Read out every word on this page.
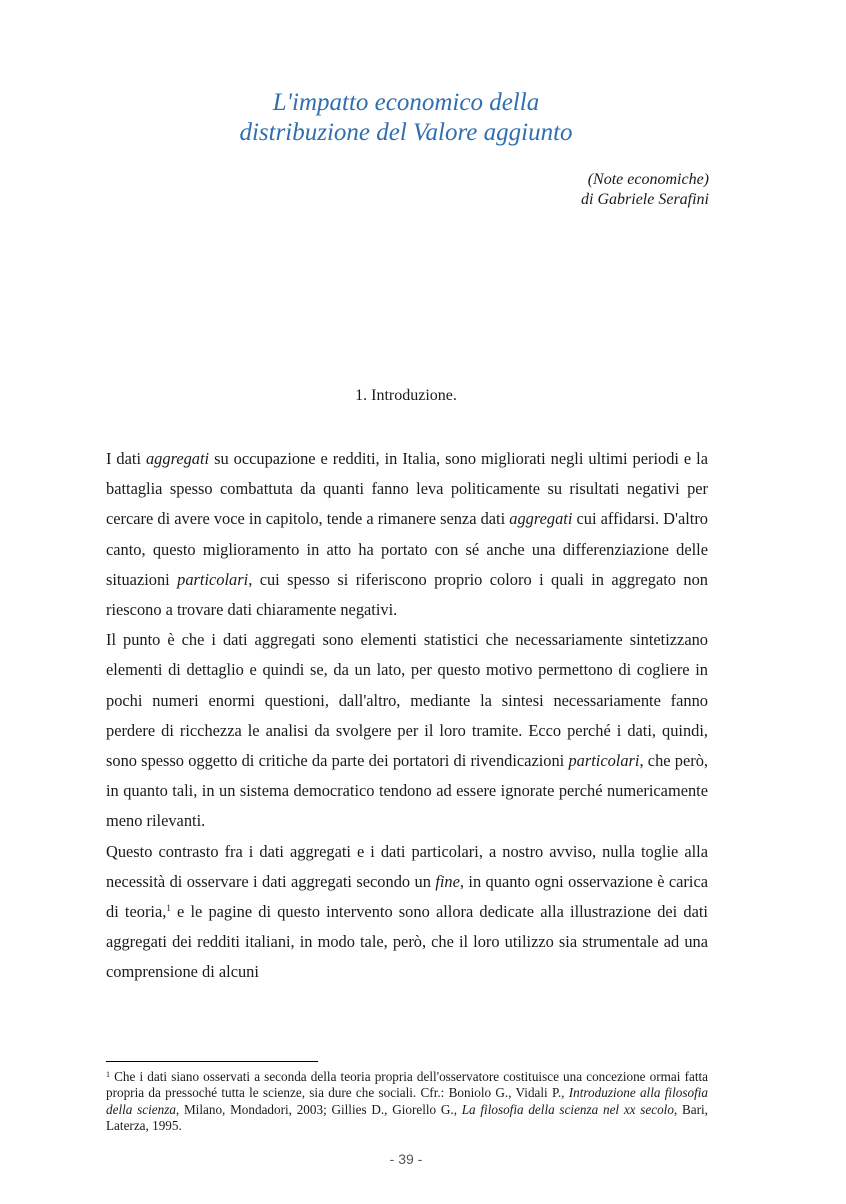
L'impatto economico della
distribuzione del Valore aggiunto
(Note economiche)
di Gabriele Serafini
1. Introduzione.

I dati aggregati su occupazione e redditi, in Italia, sono migliorati negli ultimi periodi e la battaglia spesso combattuta da quanti fanno leva politicamente su risultati negativi per cercare di avere voce in capitolo, tende a rimanere senza dati aggregati cui affidarsi. D'altro canto, questo miglioramento in atto ha portato con sé anche una differenziazione delle situazioni particolari, cui spesso si riferiscono proprio coloro i quali in aggregato non riescono a trovare dati chiaramente negativi.

Il punto è che i dati aggregati sono elementi statistici che necessariamente sintetizzano elementi di dettaglio e quindi se, da un lato, per questo motivo permettono di cogliere in pochi numeri enormi questioni, dall'altro, mediante la sintesi necessariamente fanno perdere di ricchezza le analisi da svolgere per il loro tramite. Ecco perché i dati, quindi, sono spesso oggetto di critiche da parte dei portatori di rivendicazioni particolari, che però, in quanto tali, in un sistema democratico tendono ad essere ignorate perché numericamente meno rilevanti.

Questo contrasto fra i dati aggregati e i dati particolari, a nostro avviso, nulla toglie alla necessità di osservare i dati aggregati secondo un fine, in quanto ogni osservazione è carica di teoria,$^1$ e le pagine di questo intervento sono allora dedicate alla illustrazione dei dati aggregati dei redditi italiani, in modo tale, però, che il loro utilizzo sia strumentale ad una comprensione di alcuni

$^1$ Che i dati siano osservati a seconda della teoria propria dell'osservatore costituisce una concezione ormai fatta propria da pressoché tutta le scienze, sia dure che sociali. Cfr.: Boniolo G., Vidali P., Introduzione alla filosofia della scienza, Milano, Mondadori, 2003; Gillies D., Giorello G., La filosofia della scienza nel xx secolo, Bari, Laterza, 1995.
- 39 -
